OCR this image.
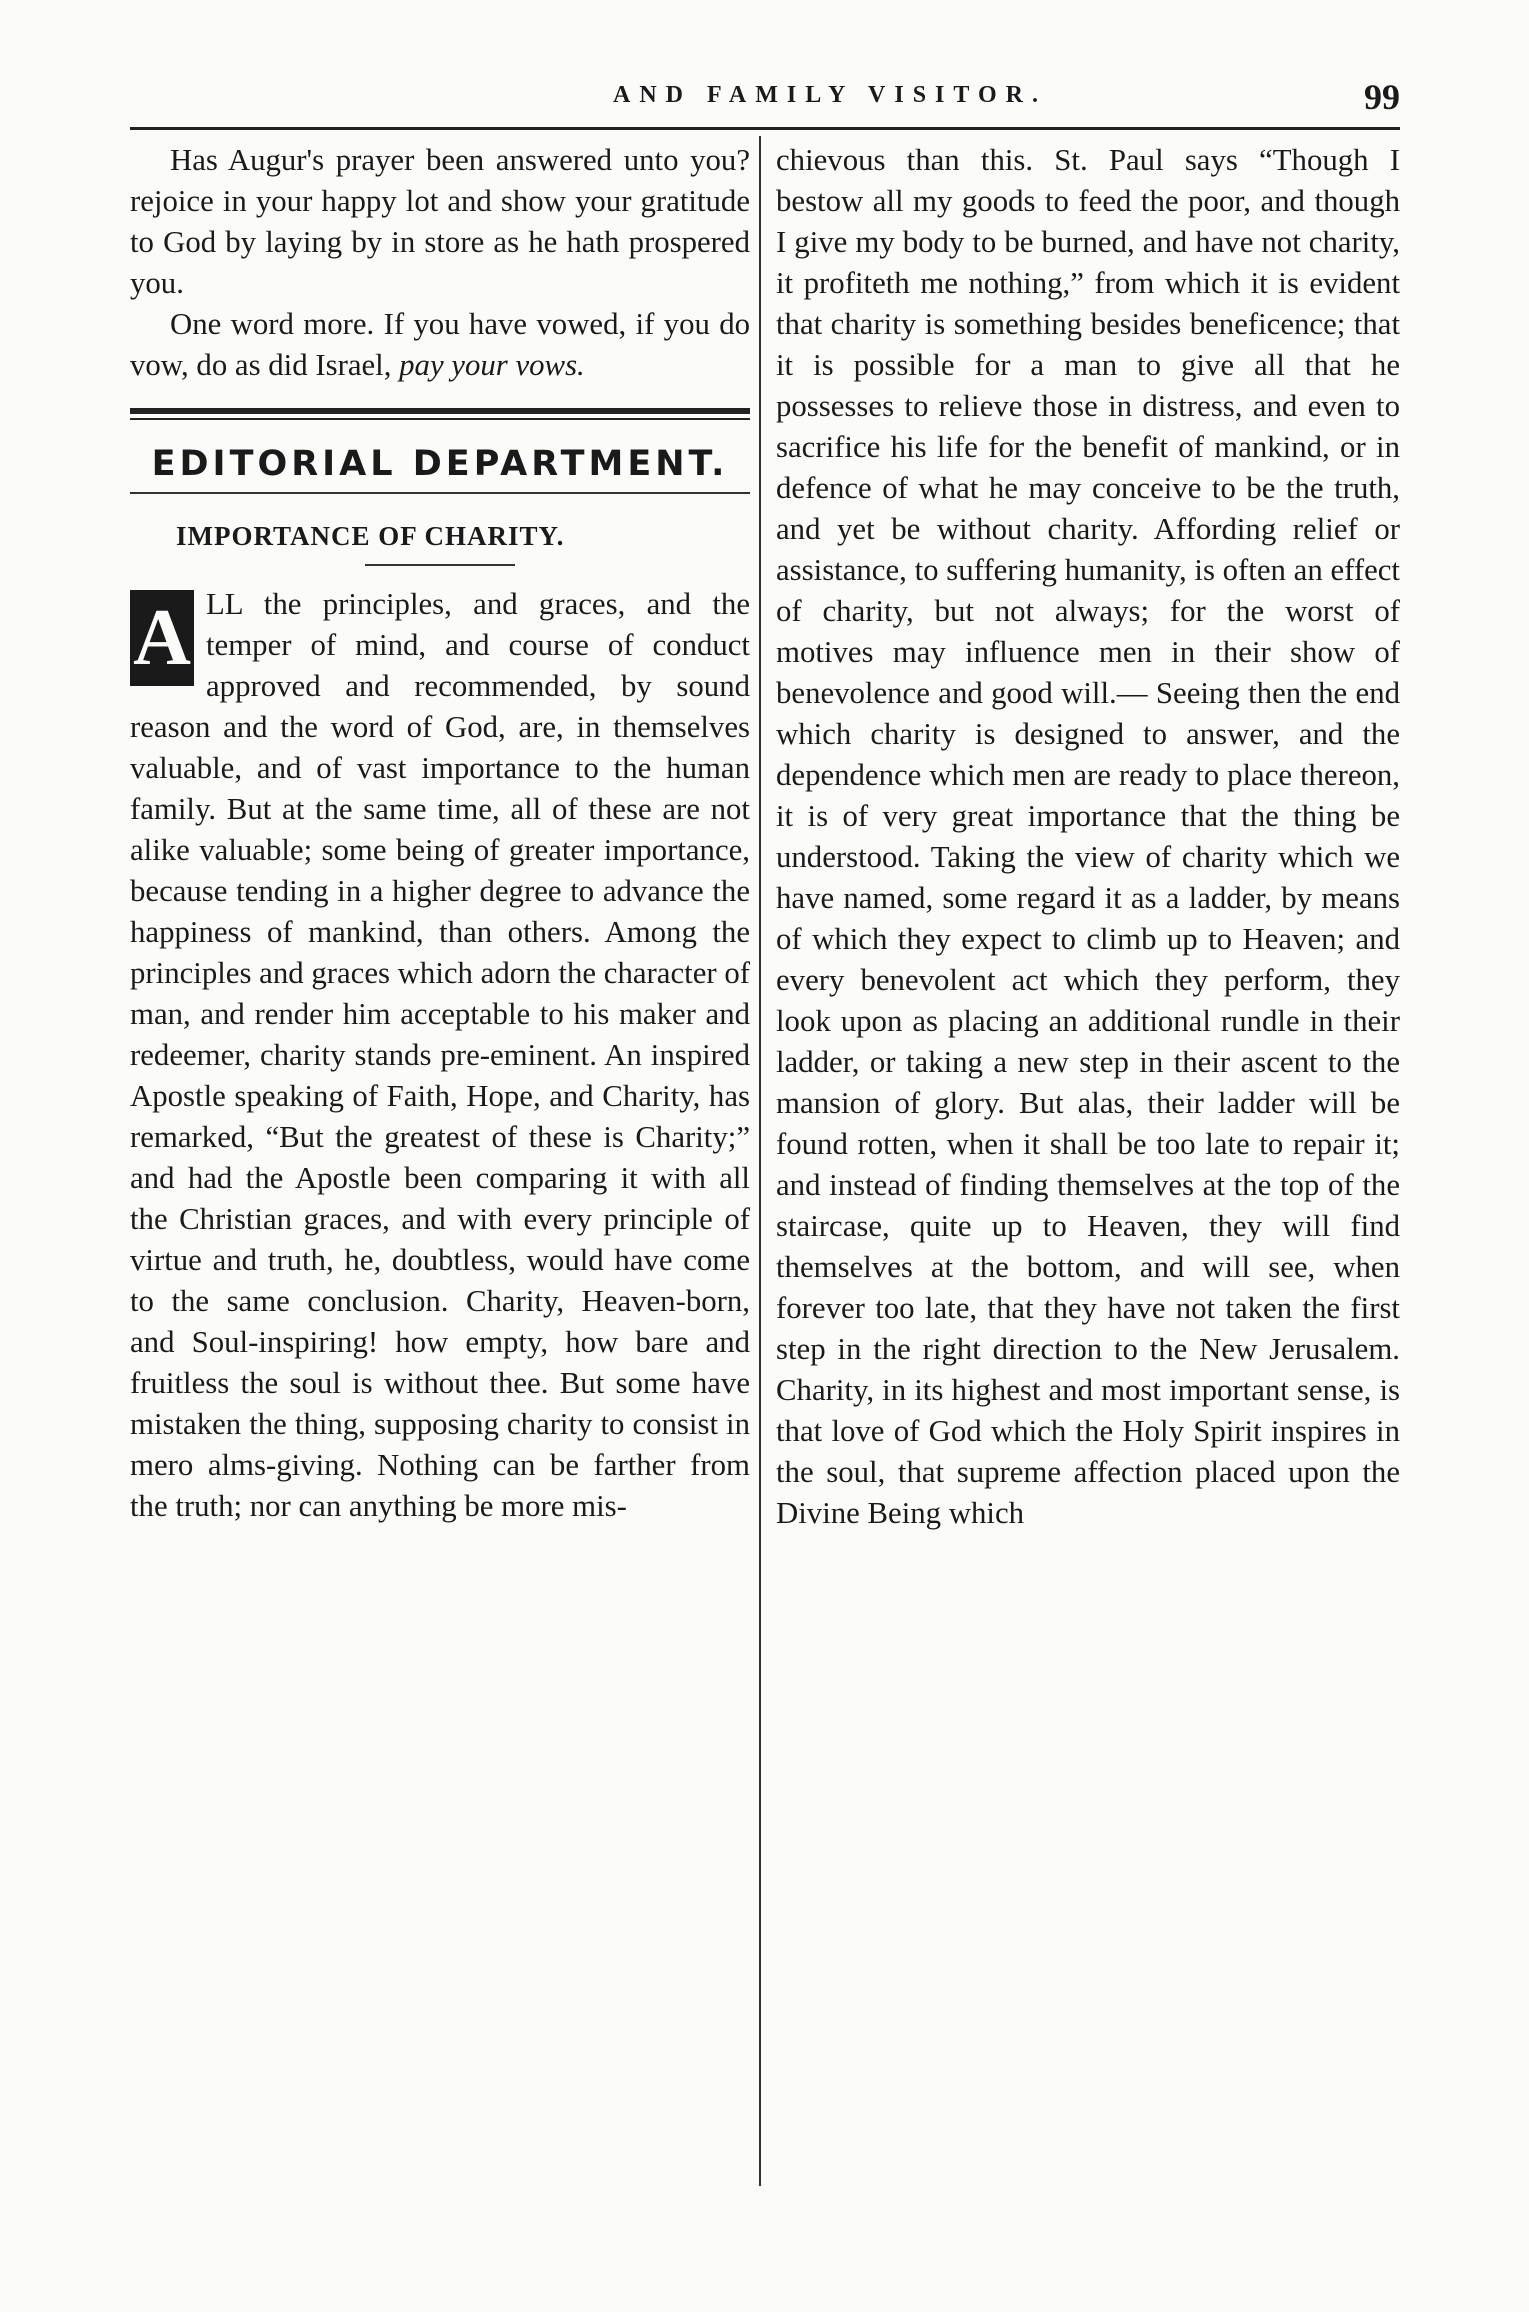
AND FAMILY VISITOR.	99

Has Augur's prayer been answered unto you? rejoice in your happy lot and show your gratitude to God by laying by in store as he hath prospered you.

One word more. If you have vowed, if you do vow, do as did Israel, pay your vows.

EDITORIAL DEPARTMENT.
IMPORTANCE OF CHARITY.
A LL the principles, and graces, and the temper of mind, and course of conduct approved and recommended, by sound reason and the word of God, are, in themselves valuable, and of vast importance to the human family. But at the same time, all of these are not alike valuable; some being of greater importance, because tending in a higher degree to advance the happiness of mankind, than others. Among the principles and graces which adorn the character of man, and render him acceptable to his maker and redeemer, charity stands pre-eminent. An inspired Apostle speaking of Faith, Hope, and Charity, has remarked, “But the greatest of these is Charity;” and had the Apostle been comparing it with all the Christian graces, and with every principle of virtue and truth, he, doubtless, would have come to the same conclusion. Charity, Heaven-born, and Soul-inspiring! how empty, how bare and fruitless the soul is without thee. But some have mistaken the thing, supposing charity to consist in mero alms-giving. Nothing can be farther from the truth; nor can anything be more mis-

chievous than this. St. Paul says “Though I bestow all my goods to feed the poor, and though I give my body to be burned, and have not charity, it profiteth me nothing,” from which it is evident that charity is something besides beneficence; that it is possible for a man to give all that he possesses to relieve those in distress, and even to sacrifice his life for the benefit of mankind, or in defence of what he may conceive to be the truth, and yet be without charity. Affording relief or assistance, to suffering humanity, is often an effect of charity, but not always; for the worst of motives may influence men in their show of benevolence and good will.— Seeing then the end which charity is designed to answer, and the dependence which men are ready to place thereon, it is of very great importance that the thing be understood. Taking the view of charity which we have named, some regard it as a ladder, by means of which they expect to climb up to Heaven; and every benevolent act which they perform, they look upon as placing an additional rundle in their ladder, or taking a new step in their ascent to the mansion of glory. But alas, their ladder will be found rotten, when it shall be too late to repair it; and instead of finding themselves at the top of the staircase, quite up to Heaven, they will find themselves at the bottom, and will see, when forever too late, that they have not taken the first step in the right direction to the New Jerusalem. Charity, in its highest and most important sense, is that love of God which the Holy Spirit inspires in the soul, that supreme affection placed upon the Divine Being which
